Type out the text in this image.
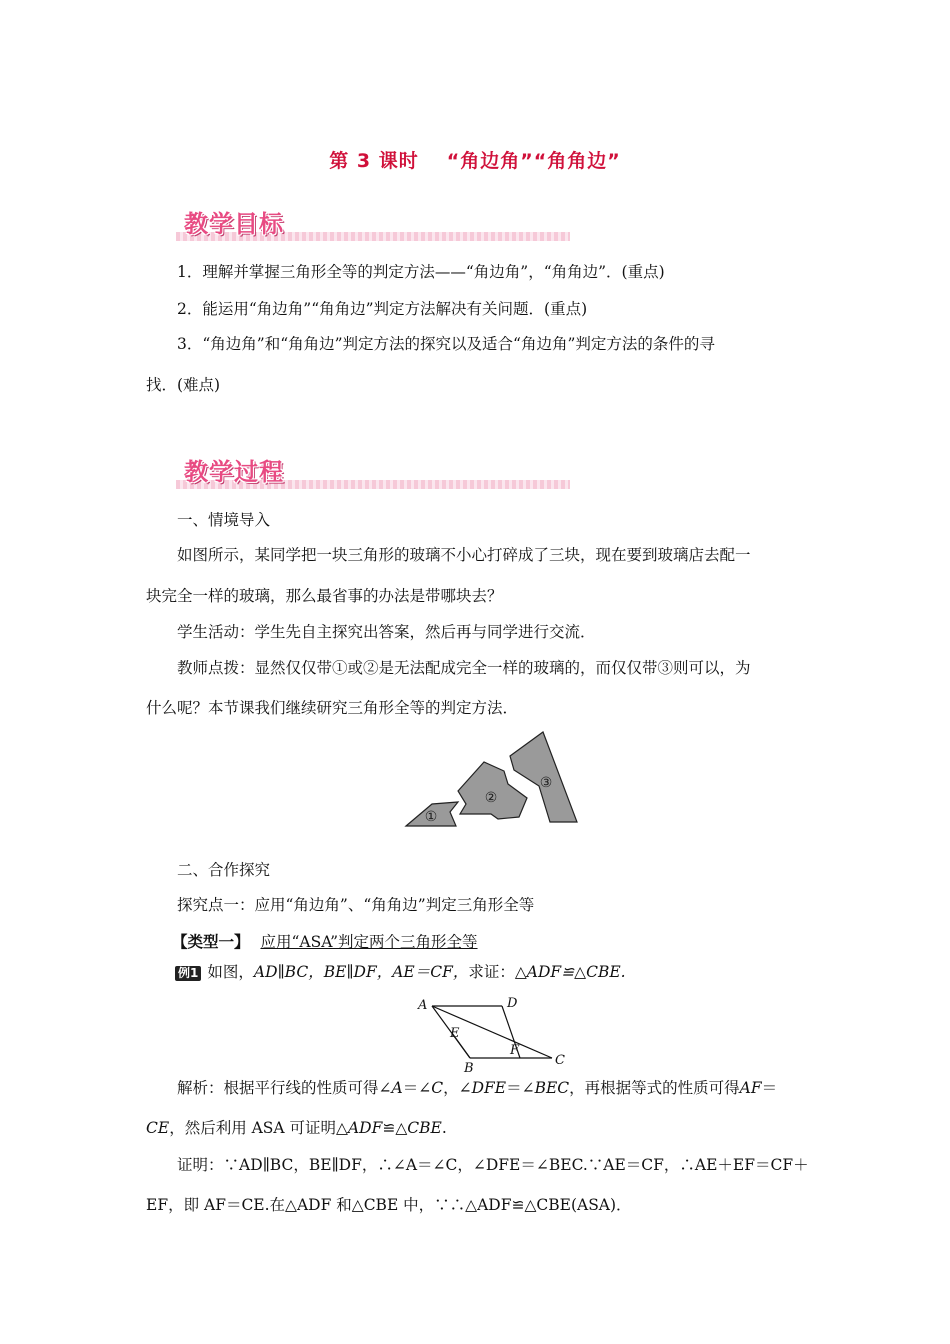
第 3 课时 “角边角”“角角边”
教学目标
1．理解并掌握三角形全等的判定方法——“角边角”，“角角边”．(重点)
2．能运用“角边角”“角角边”判定方法解决有关问题．(重点)
3．“角边角”和“角角边”判定方法的探究以及适合“角边角”判定方法的条件的寻
找．(难点)
教学过程
一、情境导入
如图所示，某同学把一块三角形的玻璃不小心打碎成了三块，现在要到玻璃店去配一
块完全一样的玻璃，那么最省事的办法是带哪块去？
学生活动：学生先自主探究出答案，然后再与同学进行交流．
教师点拨：显然仅仅带①或②是无法配成完全一样的玻璃的，而仅仅带③则可以，为
什么呢？本节课我们继续研究三角形全等的判定方法．
①
②
③
二、合作探究
探究点一：应用“角边角”、“角角边”判定三角形全等
【类型一】 应用“ASA”判定两个三角形全等
例1 如图，AD∥BC，BE∥DF，AE＝CF，求证：△ADF≌△CBE.
A	D
E
B
F
C
解析：根据平行线的性质可得∠A＝∠C，∠DFE＝∠BEC，再根据等式的性质可得AF＝
CE，然后利用 ASA 可证明△ADF≌△CBE.
证明：∵AD∥BC，BE∥DF，∴∠A＝∠C，∠DFE＝∠BEC.∵AE＝CF，∴AE＋EF＝CF＋
EF，即 AF＝CE.在△ADF 和△CBE 中，∵∴△ADF≌△CBE(ASA)．
